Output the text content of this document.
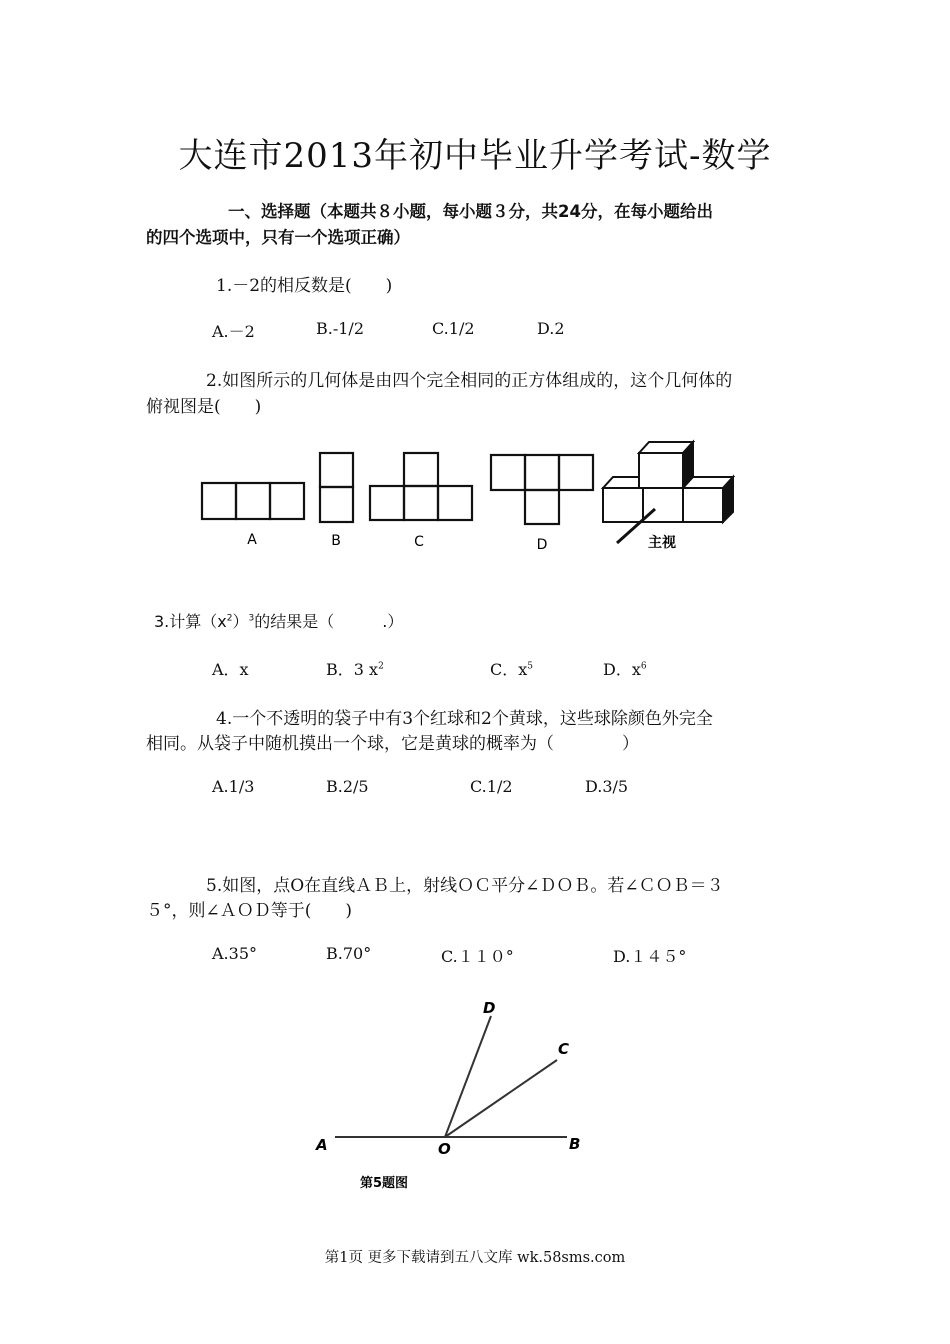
大连市2013年初中毕业升学考试-数学
一、选择题（本题共８小题，每小题３分，共24分，在每小题给出
的四个选项中，只有一个选项正确）
1.－2的相反数是(　　)
A.－2	B.-1/2	C.1/2	D.2
2.如图所示的几何体是由四个完全相同的正方体组成的，这个几何体的
俯视图是(　　)
A	B	C	D	主视
3.计算$(x^2)^3$的结果是（　　　.）
A．x	B．3 $x^2$	C．$x^5$	D．$x^6$
4.一个不透明的袋子中有3个红球和2个黄球，这些球除颜色外完全
相同。从袋子中随机摸出一个球，它是黄球的概率为（　　　　）
A.1/3	B.2/5	C.1/2	D.3/5
5.如图，点O在直线ＡＢ上，射线ＯＣ平分∠ＤＯＢ。若∠ＣＯＢ＝３
５°，则∠ＡＯＤ等于(　　)
A.35°	B.70°	C.１１０°	D.１４５°
A	B
O
C
D
第5题图
第1页 更多下载请到五八文库 wk.58sms.com
